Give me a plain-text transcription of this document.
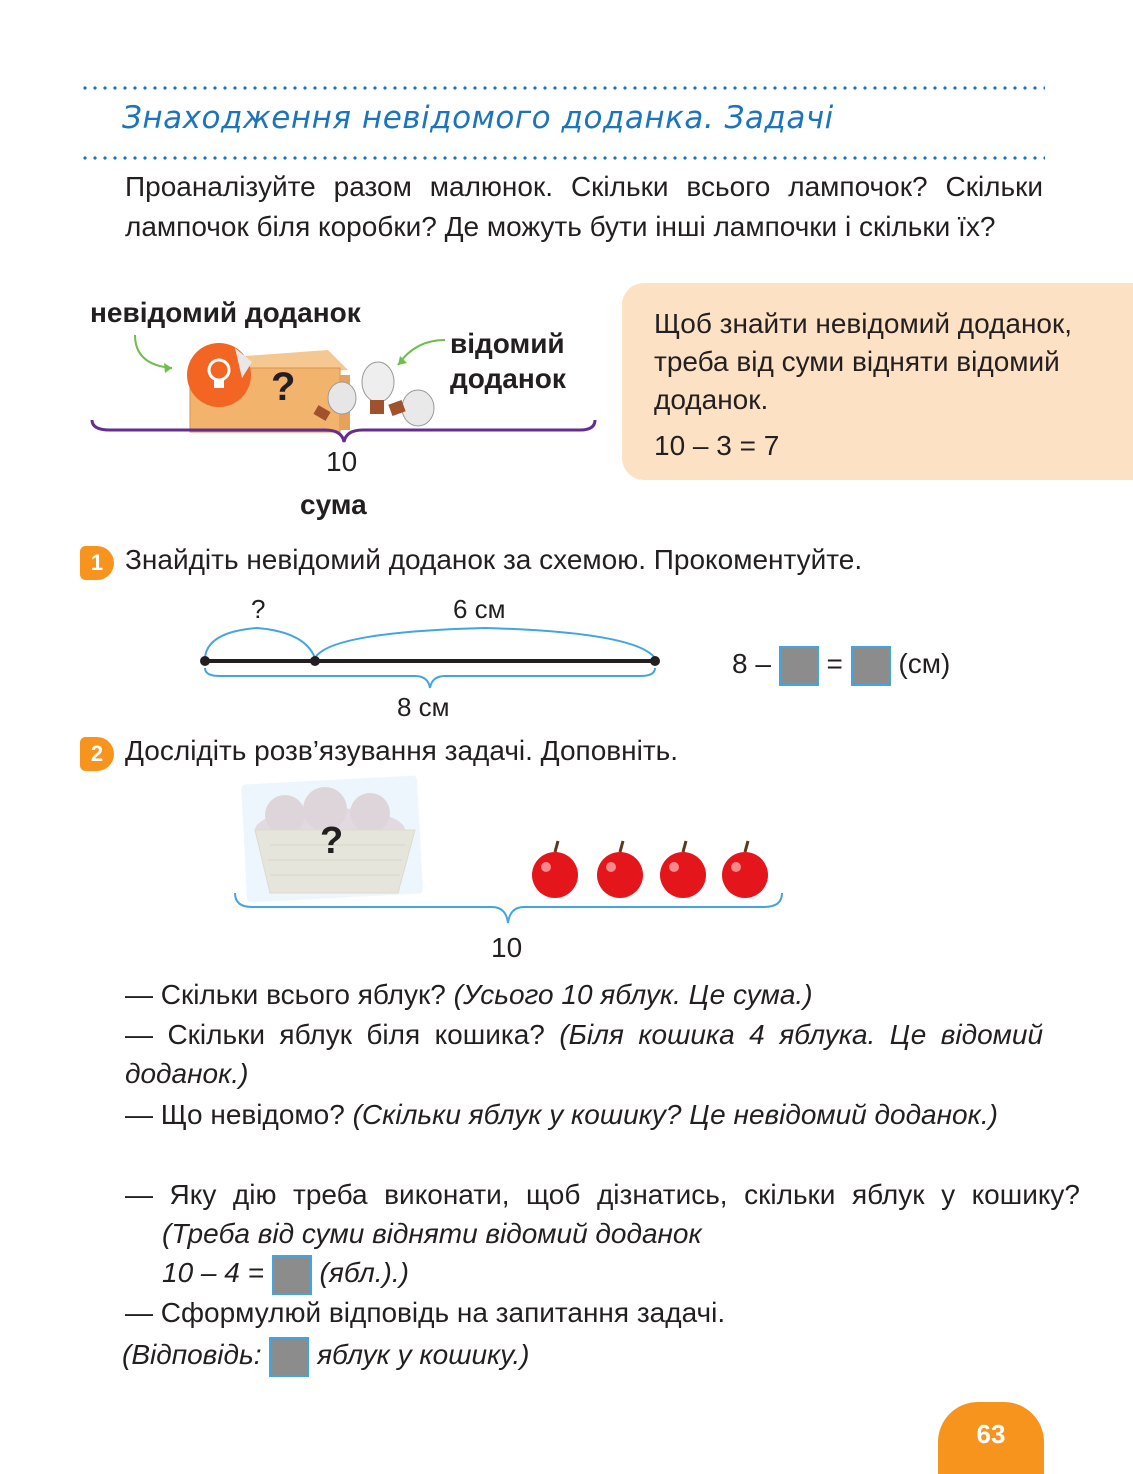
Знаходження невідомого доданка. Задачі
Проаналізуйте разом малюнок. Скільки всього лампочок? Скільки лампочок біля коробки? Де можуть бути інші лампочки і скільки їх?
невідомий доданок
відомий
доданок
?
10
сума
Щоб знайти невідомий доданок, треба від суми відняти відомий доданок.
10 – 3 = 7
1 Знайдіть невідомий доданок за схемою. Прокоментуйте.
?	6 см
8 см
8 – = (см)
2 Дослідіть розв’язування задачі. Доповніть.
?
10
— Скільки всього яблук? (Усього 10 яблук. Це сума.)
— Скільки яблук біля кошика? (Біля кошика 4 яблука. Це відомий доданок.)
— Що невідомо? (Скільки яблук у кошику? Це невідомий доданок.)
— Яку дію треба виконати, щоб дізнатись, скільки яблук у кошику? (Треба від суми відняти відомий доданок
10 – 4 = (ябл.).)
— Сформулюй відповідь на запитання задачі.
(Відповідь: яблук у кошику.)
63
